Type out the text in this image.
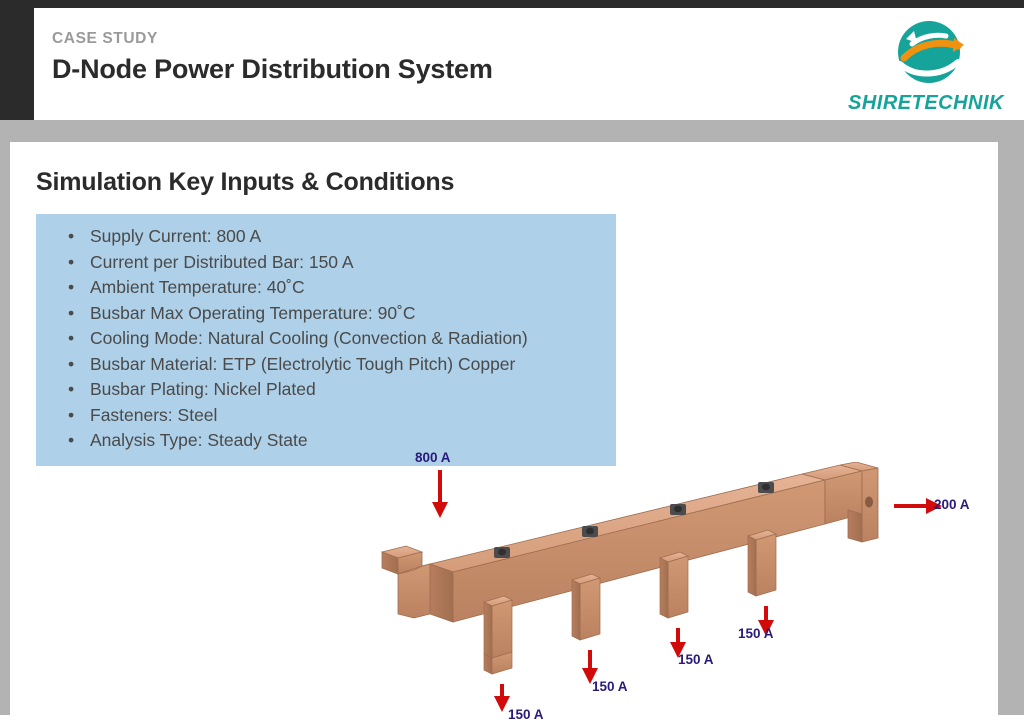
CASE STUDY

D-Node Power Distribution System
SHIRETECHNIK
Simulation Key Inputs & Conditions
• Supply Current: 800 A
• Current per Distributed Bar: 150 A
• Ambient Temperature: 40˚C
• Busbar Max Operating Temperature: 90˚C
• Cooling Mode: Natural Cooling (Convection & Radiation)
• Busbar Material: ETP (Electrolytic Tough Pitch) Copper
• Busbar Plating: Nickel Plated
• Fasteners: Steel
• Analysis Type: Steady State
800 A
200 A
150 A
150 A
150 A
150 A
